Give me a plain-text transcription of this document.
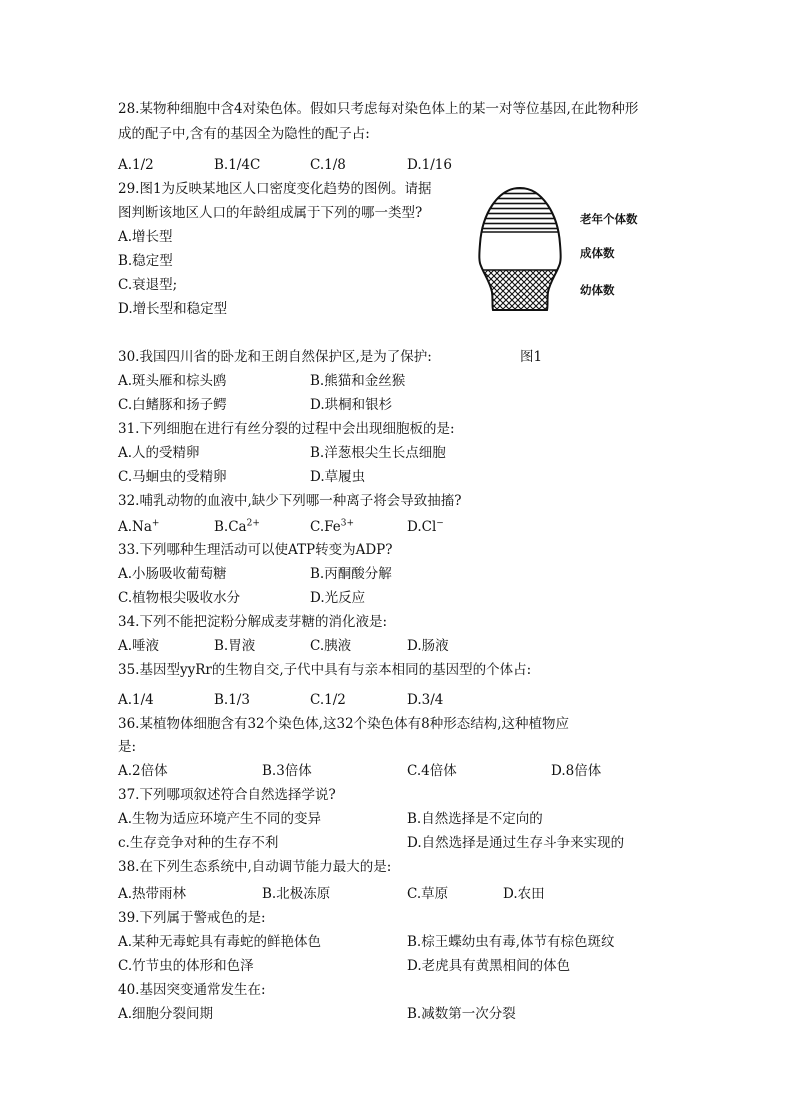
28.某物种细胞中含4对染色体。假如只考虑每对染色体上的某一对等位基因,在此物种形
成的配子中,含有的基因全为隐性的配子占:
A.1/2	B.1/4C	C.1/8	D.1/16
29.图1为反映某地区人口密度变化趋势的图例。请据
图判断该地区人口的年龄组成属于下列的哪一类型?
A.增长型
B.稳定型
C.衰退型;
D.增长型和稳定型
老年个体数
成体数
幼体数
30.我国四川省的卧龙和王朗自然保护区,是为了保护:	图1
A.斑头雁和棕头鸥	B.熊猫和金丝猴
C.白鳍豚和扬子鳄	D.珙桐和银杉
31.下列细胞在进行有丝分裂的过程中会出现细胞板的是:
A.人的受精卵	B.洋葱根尖生长点细胞
C.马蛔虫的受精卵	D.草履虫
32.哺乳动物的血液中,缺少下列哪一种离子将会导致抽搐?
A.Na+	$B.Ca^{2+}$	$C.Fe^{3+}$	D.Cl−
33.下列哪种生理活动可以使ATP转变为ADP?
A.小肠吸收葡萄糖	B.丙酮酸分解
C.植物根尖吸收水分	D.光反应
34.下列不能把淀粉分解成麦芽糖的消化液是:
A.唾液	B.胃液	C.胰液	D.肠液
35.基因型yyRr的生物自交,子代中具有与亲本相同的基因型的个体占:
A.1/4	B.1/3	C.1/2	D.3/4
36.某植物体细胞含有32个染色体,这32个染色体有8种形态结构,这种植物应
是:
A.2倍体	B.3倍体	C.4倍体	D.8倍体
37.下列哪项叙述符合自然选择学说?
A.生物为适应环境产生不同的变异	B.自然选择是不定向的
c.生存竞争对种的生存不利	D.自然选择是通过生存斗争来实现的
38.在下列生态系统中,自动调节能力最大的是:
A.热带雨林	B.北极冻原	C.草原	D.农田
39.下列属于警戒色的是:
A.某种无毒蛇具有毒蛇的鲜艳体色	B.棕王蝶幼虫有毒,体节有棕色斑纹
C.竹节虫的体形和色泽	D.老虎具有黄黑相间的体色
40.基因突变通常发生在:
A.细胞分裂间期	B.减数第一次分裂
